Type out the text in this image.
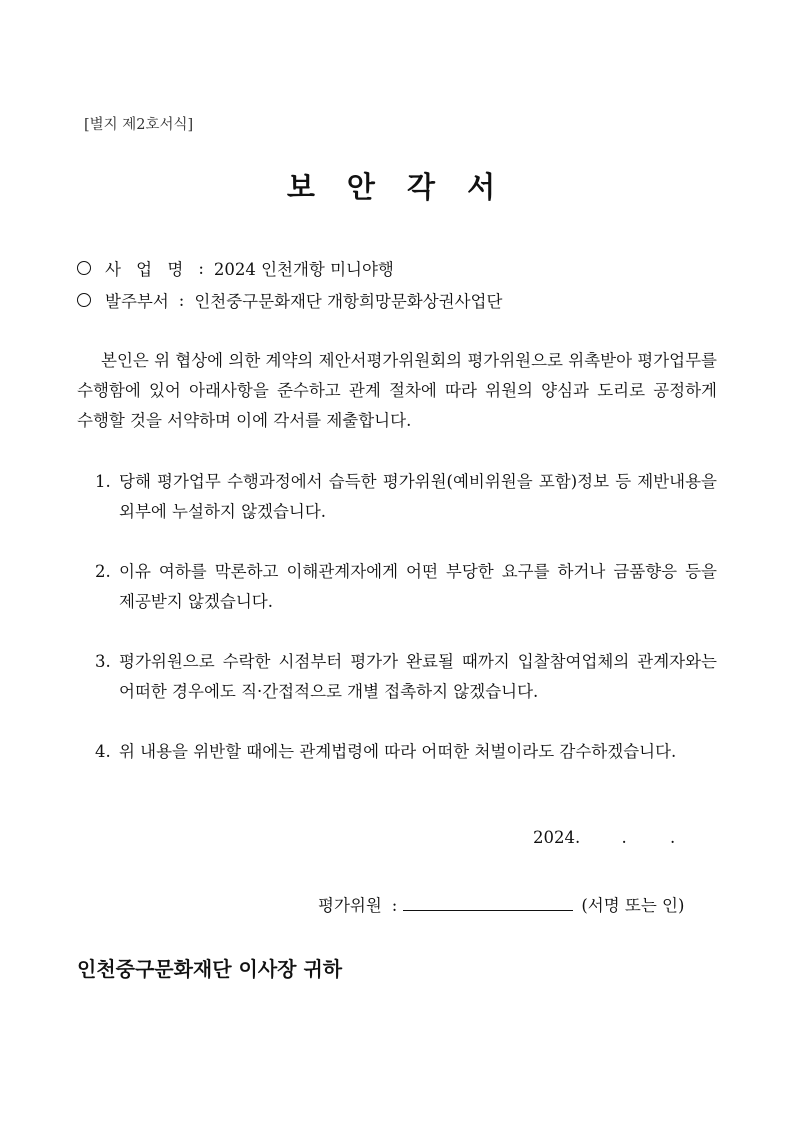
[별지 제2호서식]
보 안 각 서
사 업 명 : 2024 인천개항 미니야행
발주부서 : 인천중구문화재단 개항희망문화상권사업단
본인은 위 협상에 의한 계약의 제안서평가위원회의 평가위원으로 위촉받아 평가업무를 수행함에 있어 아래사항을 준수하고 관계 절차에 따라 위원의 양심과 도리로 공정하게 수행할 것을 서약하며 이에 각서를 제출합니다.
1. 당해 평가업무 수행과정에서 습득한 평가위원(예비위원을 포함)정보 등 제반내용을 외부에 누설하지 않겠습니다.
2. 이유 여하를 막론하고 이해관계자에게 어떤 부당한 요구를 하거나 금품향응 등을 제공받지 않겠습니다.
3. 평가위원으로 수락한 시점부터 평가가 완료될 때까지 입찰참여업체의 관계자와는 어떠한 경우에도 직·간접적으로 개별 접촉하지 않겠습니다.
4. 위 내용을 위반할 때에는 관계법령에 따라 어떠한 처벌이라도 감수하겠습니다.
2024.	.	.
평가위원 :	(서명 또는 인)
인천중구문화재단 이사장 귀하
